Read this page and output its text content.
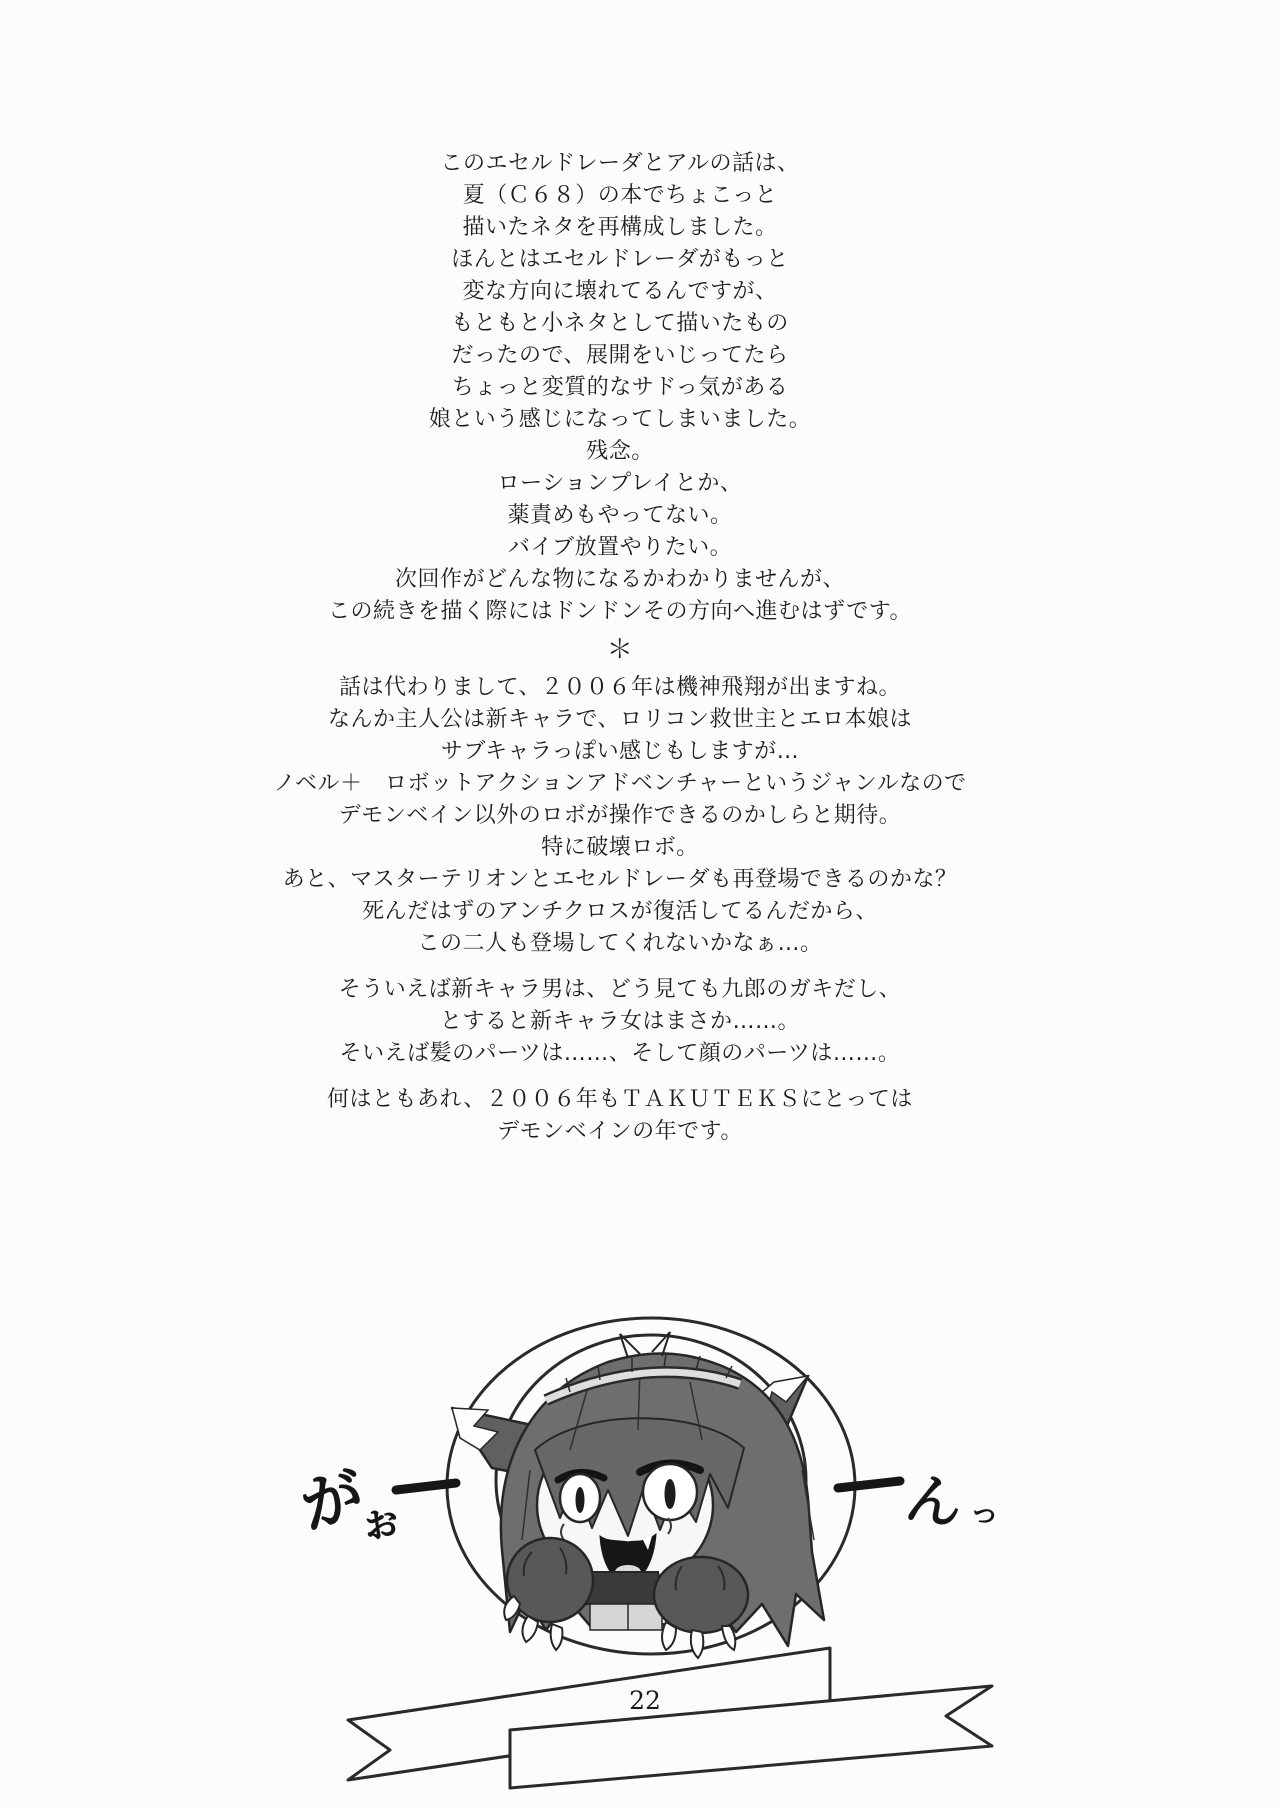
このエセルドレーダとアルの話は、
夏（Ｃ６８）の本でちょこっと
描いたネタを再構成しました。
ほんとはエセルドレーダがもっと
変な方向に壊れてるんですが、
もともと小ネタとして描いたもの
だったので、展開をいじってたら
ちょっと変質的なサドっ気がある
娘という感じになってしまいました。
残念。
ローションプレイとか、
薬責めもやってない。
バイブ放置やりたい。
次回作がどんな物になるかわかりませんが、
この続きを描く際にはドンドンその方向へ進むはずです。
＊
話は代わりまして、２００６年は機神飛翔が出ますね。
なんか主人公は新キャラで、ロリコン救世主とエロ本娘は
サブキャラっぽい感じもしますが…
ノベル＋　ロボットアクションアドベンチャーというジャンルなので
デモンベイン以外のロボが操作できるのかしらと期待。
特に破壊ロボ。
あと、マスターテリオンとエセルドレーダも再登場できるのかな？
死んだはずのアンチクロスが復活してるんだから、
この二人も登場してくれないかなぁ…。
そういえば新キャラ男は、どう見ても九郎のガキだし、
とすると新キャラ女はまさか……。
そいえば髪のパーツは……、そして顔のパーツは……。
何はともあれ、２００６年もＴＡＫＵＴＥＫＳにとっては
デモンベインの年です。
が
ぉ	ん っ
22
